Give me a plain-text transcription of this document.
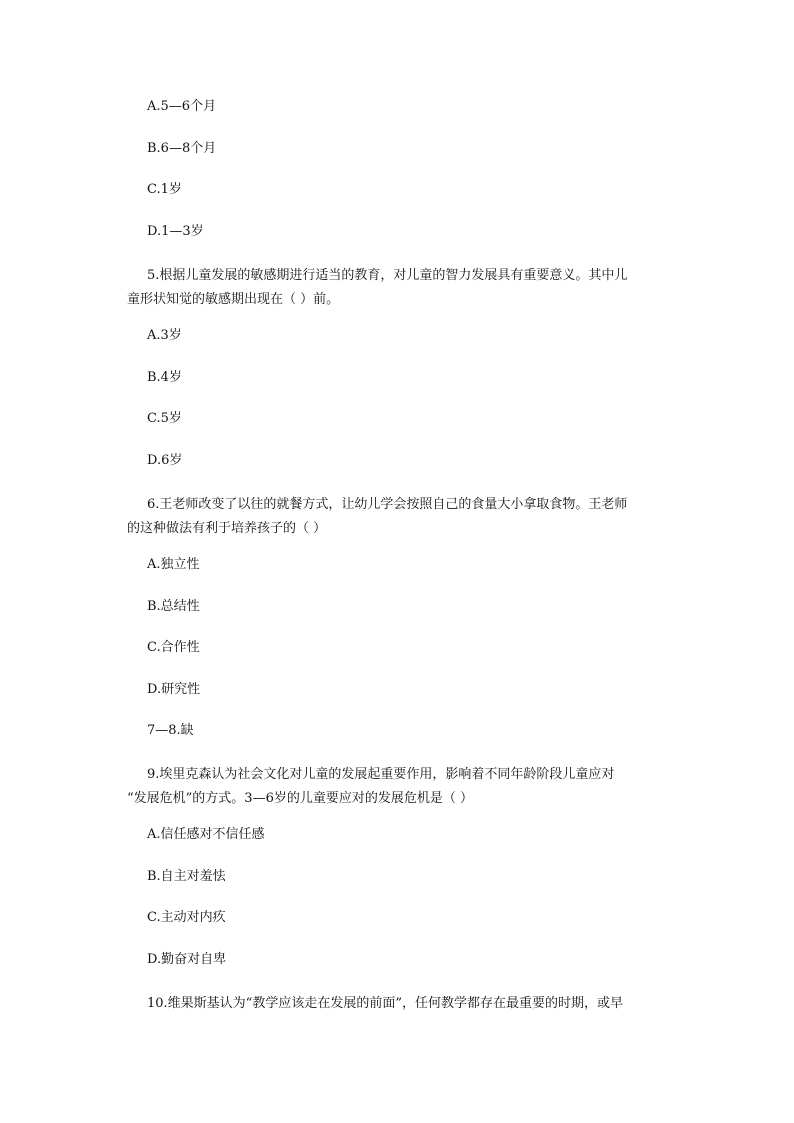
A.5—6个月
B.6—8个月
C.1岁
D.1—3岁
5.根据儿童发展的敏感期进行适当的教育，对儿童的智力发展具有重要意义。其中儿
童形状知觉的敏感期出现在（ ）前。
A.3岁
B.4岁
C.5岁
D.6岁
6.王老师改变了以往的就餐方式，让幼儿学会按照自己的食量大小拿取食物。王老师
的这种做法有利于培养孩子的（ ）
A.独立性
B.总结性
C.合作性
D.研究性
7—8.缺
9.埃里克森认为社会文化对儿童的发展起重要作用，影响着不同年龄阶段儿童应对
“发展危机”的方式。3—6岁的儿童要应对的发展危机是（ ）
A.信任感对不信任感
B.自主对羞怯
C.主动对内疚
D.勤奋对自卑
10.维果斯基认为“教学应该走在发展的前面”，任何教学都存在最重要的时期，或早
